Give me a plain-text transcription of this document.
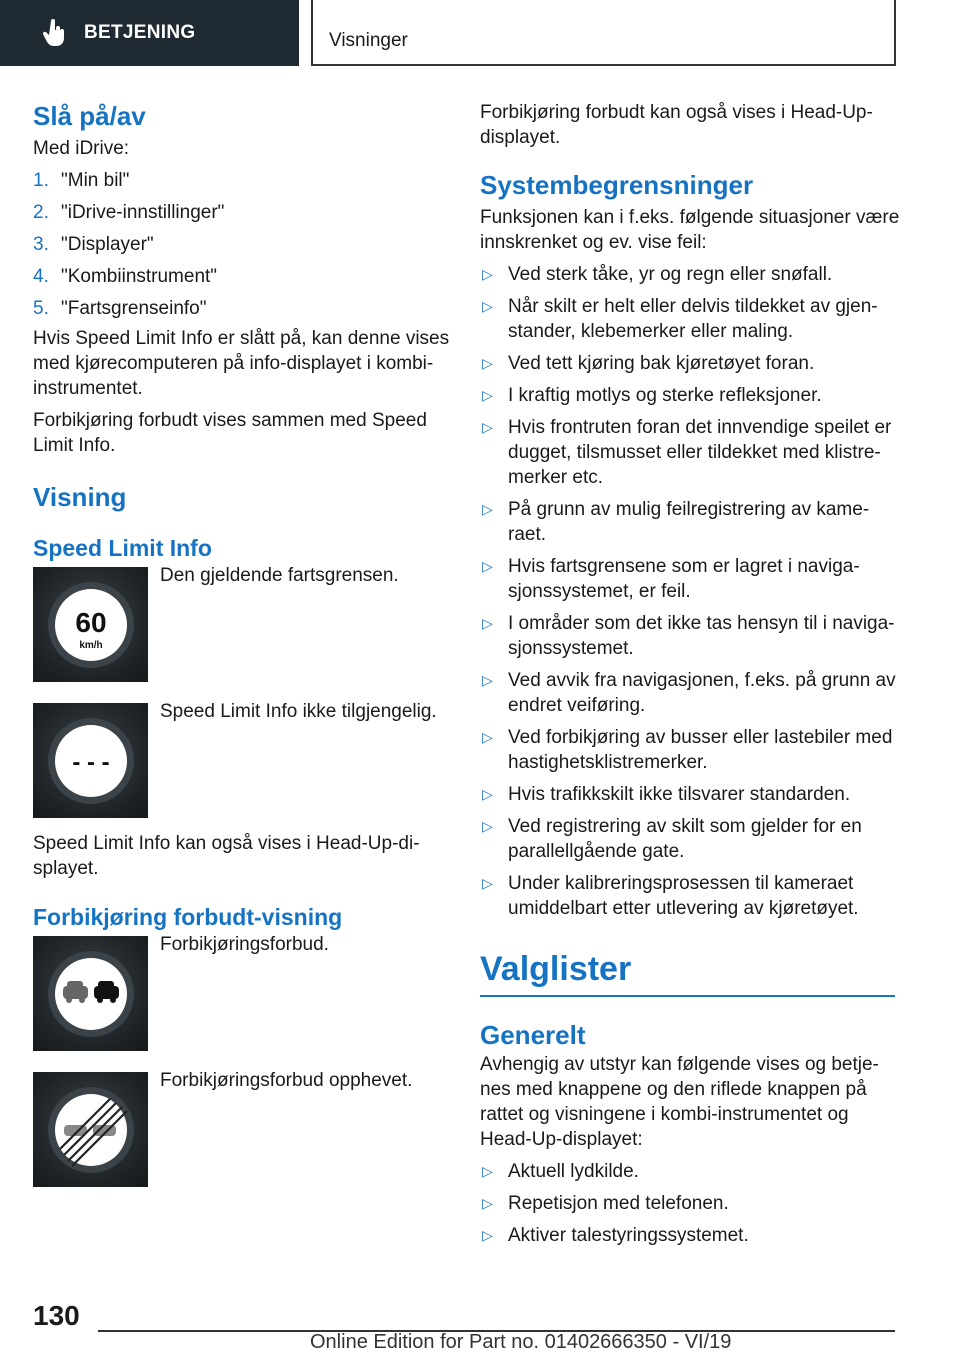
BETJENING	Visninger
Slå på/av

Med iDrive:

1. "Min bil"
2. "iDrive-innstillinger"
3. "Displayer"
4. "Kombiinstrument"
5. "Fartsgrenseinfo"

Hvis Speed Limit Info er slått på, kan denne vises med kjørecomputeren på info-displayet i kombi-instrumentet.

Forbikjøring forbudt vises sammen med Speed Limit Info.

Visning
Speed Limit Info
60
km/h

Den gjeldende fartsgrensen.

- - -

Speed Limit Info ikke tilgjengelig.

Speed Limit Info kan også vises i Head-Up-di-splayet.

Forbikjøring forbudt-visning

Forbikjøringsforbud.

Forbikjøringsforbud opphevet.

Forbikjøring forbudt kan også vises i Head-Up-displayet.

Systembegrensninger

Funksjonen kan i f.eks. følgende situasjoner være innskrenket og ev. vise feil:

▷ Ved sterk tåke, yr og regn eller snøfall.
▷ Når skilt er helt eller delvis tildekket av gjen-stander, klebemerker eller maling.
▷ Ved tett kjøring bak kjøretøyet foran.
▷ I kraftig motlys og sterke refleksjoner.
▷ Hvis frontruten foran det innvendige speilet er dugget, tilsmusset eller tildekket med klistre-merker etc.
▷ På grunn av mulig feilregistrering av kame-raet.
▷ Hvis fartsgrensene som er lagret i naviga-sjonssystemet, er feil.
▷ I områder som det ikke tas hensyn til i naviga-sjonssystemet.
▷ Ved avvik fra navigasjonen, f.eks. på grunn av endret veiføring.
▷ Ved forbikjøring av busser eller lastebiler med hastighetsklistremerker.
▷ Hvis trafikkskilt ikke tilsvarer standarden.
▷ Ved registrering av skilt som gjelder for en parallellgående gate.
▷ Under kalibreringsprosessen til kameraet umiddelbart etter utlevering av kjøretøyet.
Valglister
Generelt

Avhengig av utstyr kan følgende vises og betje-nes med knappene og den riflede knappen på rattet og visningene i kombi-instrumentet og Head-Up-displayet:

▷ Aktuell lydkilde.
▷ Repetisjon med telefonen.
▷ Aktiver talestyringssystemet.
130
Online Edition for Part no. 01402666350 - VI/19
